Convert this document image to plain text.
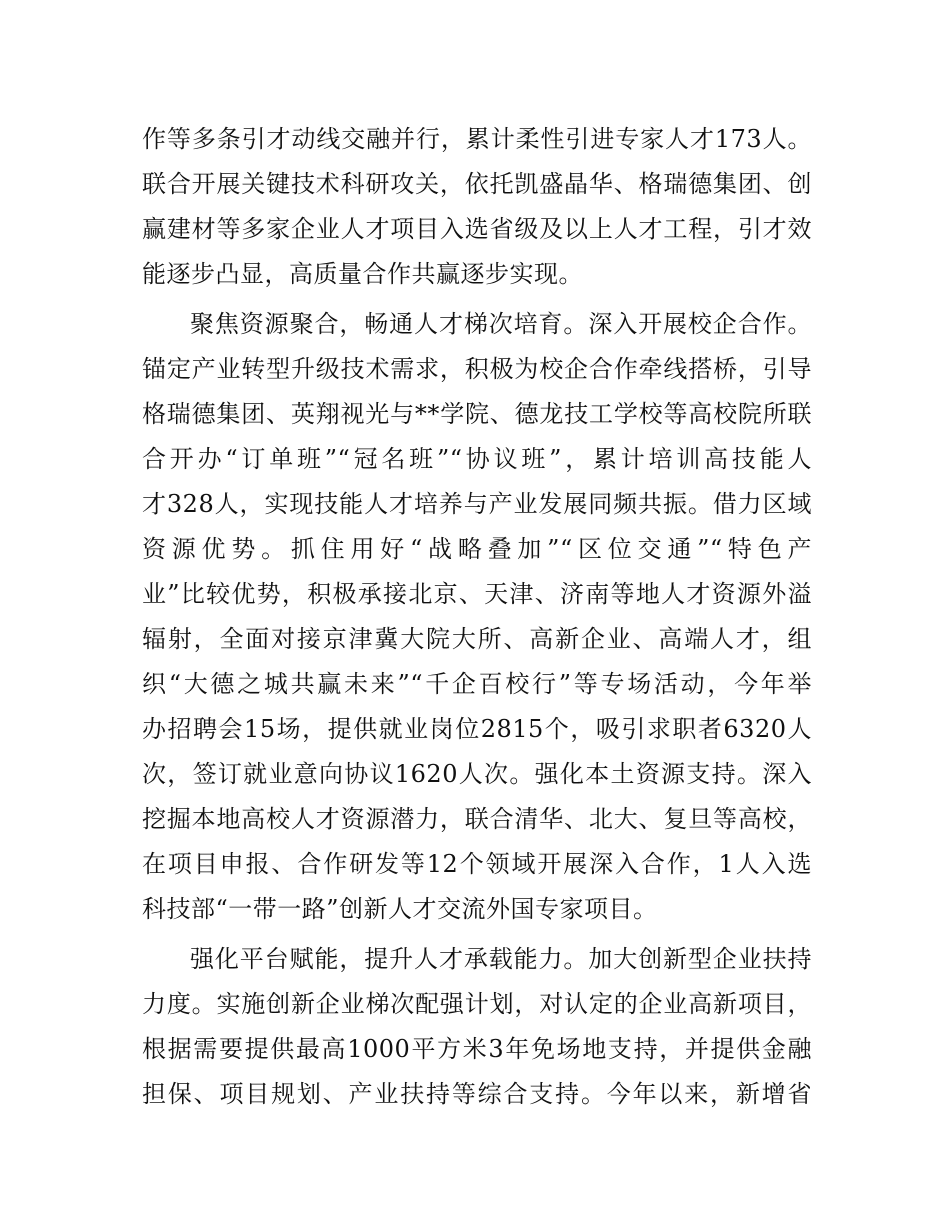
作等多条引才动线交融并行，累计柔性引进专家人才173人。
联合开展关键技术科研攻关，依托凯盛晶华、格瑞德集团、创
赢建材等多家企业人才项目入选省级及以上人才工程，引才效
能逐步凸显，高质量合作共赢逐步实现。
聚焦资源聚合，畅通人才梯次培育。深入开展校企合作。
锚定产业转型升级技术需求，积极为校企合作牵线搭桥，引导
格瑞德集团、英翔视光与**学院、德龙技工学校等高校院所联
合开办“订单班”“冠名班”“协议班”，累计培训高技能人
才328人，实现技能人才培养与产业发展同频共振。借力区域
资源优势。抓住用好“战略叠加”“区位交通”“特色产
业”比较优势，积极承接北京、天津、济南等地人才资源外溢
辐射，全面对接京津冀大院大所、高新企业、高端人才，组
织“大德之城共赢未来”“千企百校行”等专场活动，今年举
办招聘会15场，提供就业岗位2815个，吸引求职者6320人
次，签订就业意向协议1620人次。强化本土资源支持。深入
挖掘本地高校人才资源潜力，联合清华、北大、复旦等高校，
在项目申报、合作研发等12个领域开展深入合作，1人入选
科技部“一带一路”创新人才交流外国专家项目。
强化平台赋能，提升人才承载能力。加大创新型企业扶持
力度。实施创新企业梯次配强计划，对认定的企业高新项目，
根据需要提供最高1000平方米3年免场地支持，并提供金融
担保、项目规划、产业扶持等综合支持。今年以来，新增省
